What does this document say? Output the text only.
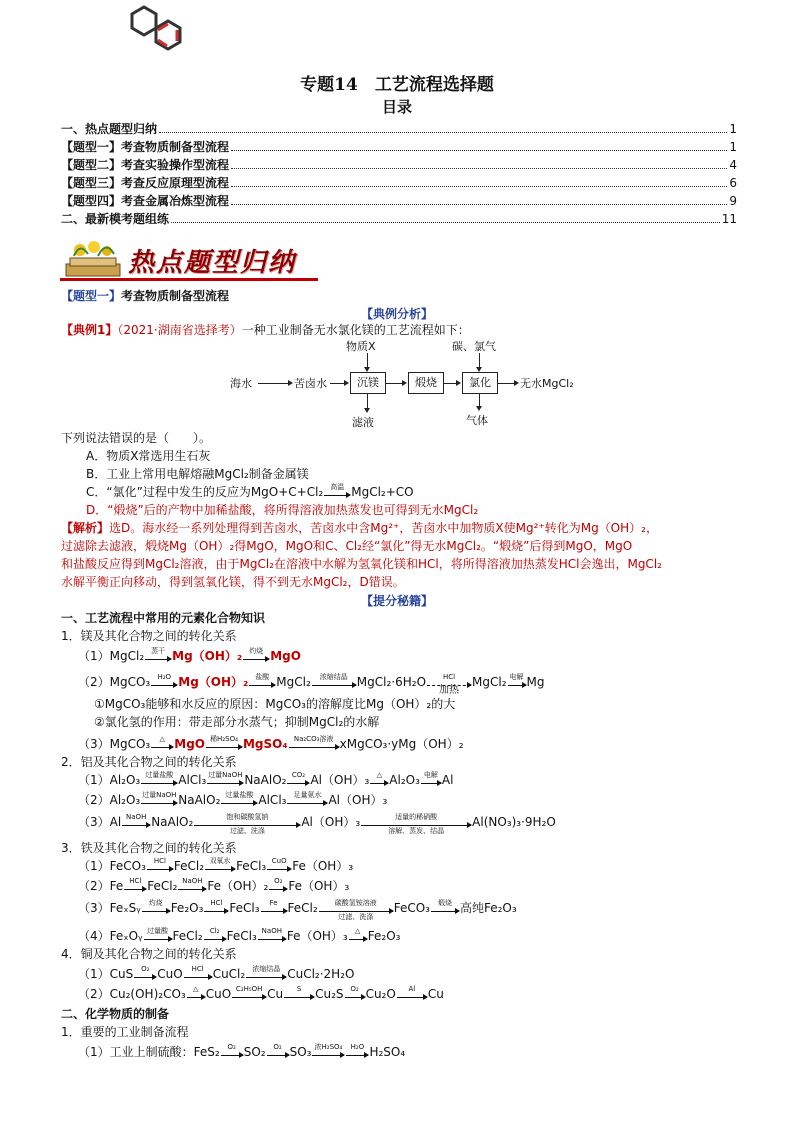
专题14　工艺流程选择题
目录
一、热点题型归纳	1
【题型一】考查物质制备型流程	1
【题型二】考查实验操作型流程	4
【题型三】考查反应原理型流程	6
【题型四】考查金属冶炼型流程	9
二、最新模考题组练	11
热点题型归纳
【题型一】考查物质制备型流程
【典例分析】
【典例1】（2021·湖南省选择考）一种工业制备无水氯化镁的工艺流程如下：
海水	苦卤水	沉镁	煅烧	氯化	无水MgCl₂
物质X	碳、氯气
滤液	气体
下列说法错误的是（　　）。
A．物质X常选用生石灰
B．工业上常用电解熔融MgCl₂制备金属镁
C．“氯化”过程中发生的反应为MgO+C+Cl₂	高温 MgCl₂+CO
D．“煅烧”后的产物中加稀盐酸，将所得溶液加热蒸发也可得到无水MgCl₂
【解析】选D。海水经一系列处理得到苦卤水，苦卤水中含Mg²⁺，苦卤水中加物质X使Mg²⁺转化为Mg（OH）₂，
过滤除去滤液，煅烧Mg（OH）₂得MgO，MgO和C、Cl₂经“氯化”得无水MgCl₂。“煅烧”后得到MgO，MgO
和盐酸反应得到MgCl₂溶液，由于MgCl₂在溶液中水解为氢氧化镁和HCl，将所得溶液加热蒸发HCl会逸出，MgCl₂
水解平衡正向移动，得到氢氧化镁，得不到无水MgCl₂，D错误。
【提分秘籍】
一、工艺流程中常用的元素化合物知识
1．镁及其化合物之间的转化关系
（1）MgCl₂	蒸干 Mg（OH）₂	灼烧 MgO
（2）MgCO₃	H₂O Mg（OH）₂	盐酸 MgCl₂	浓缩结晶 MgCl₂·6H₂O	HCl
加热
MgCl₂ 电解 Mg
①MgCO₃能够和水反应的原因：MgCO₃的溶解度比Mg（OH）₂的大
②氯化氢的作用：带走部分水蒸气；抑制MgCl₂的水解
（3）MgCO₃	△ MgO 稀H₂SO₄ MgSO₄ Na₂CO₃溶液 xMgCO₃·yMg（OH）₂
2．铝及其化合物之间的转化关系
（1）Al₂O₃ 过量盐酸 AlCl₃ 过量NaOH NaAlO₂ CO₂ Al（OH）₃	△ Al₂O₃ 电解 Al
（2）Al₂O₃ 过量NaOH NaAlO₂ 过量盐酸 AlCl₃	足量氨水 Al（OH）₃
（3）Al NaOH NaAlO₂	饱和碳酸氢钠
过滤、洗涤
Al（OH）₃	适量的稀硝酸
溶解、蒸发、结晶
Al(NO₃)₃·9H₂O
3．铁及其化合物之间的转化关系
（1）FeCO₃	HCl FeCl₂ 双氧水 FeCl₃ CuO Fe（OH）₃
（2）Fe HCl FeCl₂ NaOH Fe（OH）₂ O₂ Fe（OH）₃
（3）FeₓSᵧ	灼烧 Fe₂O₃ HCl FeCl₃	Fe FeCl₂	碳酸氢铵溶液
过滤、洗涤
FeCO₃	煅烧 高纯Fe₂O₃
（4）FeₓOᵧ 过量酸 FeCl₂	Cl₂ FeCl₃ NaOH Fe（OH）₃	△ Fe₂O₃
4．铜及其化合物之间的转化关系
（1）CuS	O₂ CuO	HCl CuCl₂	浓缩结晶 CuCl₂·2H₂O
（2）Cu₂(OH)₂CO₃	△ CuO C₂H₅OH Cu	S	Cu₂S O₂ Cu₂O	Al	Cu
二、化学物质的制备
1．重要的工业制备流程
（1）工业上制硫酸：FeS₂	O₂ SO₂	O₂ SO₃ 浓H₂SO₄	H₂O H₂SO₄
